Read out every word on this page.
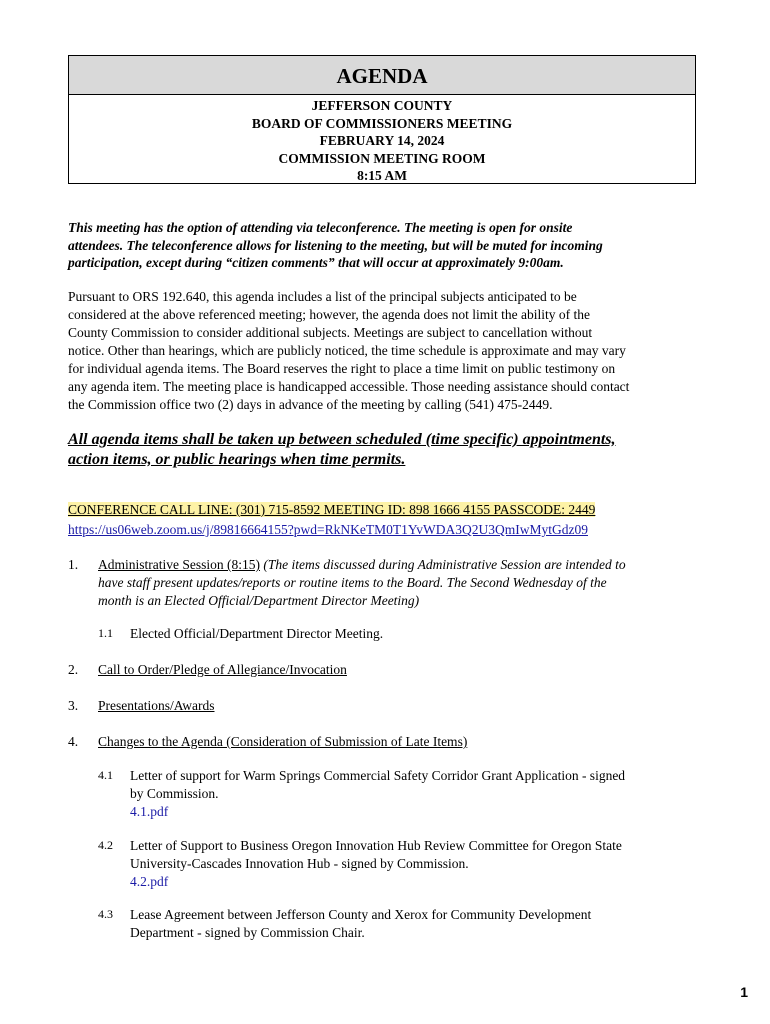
AGENDA
JEFFERSON COUNTY
BOARD OF COMMISSIONERS MEETING
FEBRUARY 14, 2024
COMMISSION MEETING ROOM
8:15 AM
This meeting has the option of attending via teleconference. The meeting is open for onsite
attendees. The teleconference allows for listening to the meeting, but will be muted for incoming
participation, except during “citizen comments” that will occur at approximately 9:00am.
Pursuant to ORS 192.640, this agenda includes a list of the principal subjects anticipated to be
considered at the above referenced meeting; however, the agenda does not limit the ability of the
County Commission to consider additional subjects. Meetings are subject to cancellation without
notice. Other than hearings, which are publicly noticed, the time schedule is approximate and may vary
for individual agenda items. The Board reserves the right to place a time limit on public testimony on
any agenda item. The meeting place is handicapped accessible. Those needing assistance should contact
the Commission office two (2) days in advance of the meeting by calling (541) 475-2449.
All agenda items shall be taken up between scheduled (time specific) appointments,
action items, or public hearings when time permits.
CONFERENCE CALL LINE: (301) 715-8592 MEETING ID: 898 1666 4155 PASSCODE: 2449
https://us06web.zoom.us/j/89816664155?pwd=RkNKeTM0T1YvWDA3Q2U3QmIwMytGdz09
1. Administrative Session (8:15) (The items discussed during Administrative Session are intended to
have staff present updates/reports or routine items to the Board. The Second Wednesday of the
month is an Elected Official/Department Director Meeting)
1.1 Elected Official/Department Director Meeting.
2. Call to Order/Pledge of Allegiance/Invocation
3. Presentations/Awards
4. Changes to the Agenda (Consideration of Submission of Late Items)
4.1 Letter of support for Warm Springs Commercial Safety Corridor Grant Application - signed
by Commission.
4.1.pdf
4.2 Letter of Support to Business Oregon Innovation Hub Review Committee for Oregon State
University-Cascades Innovation Hub - signed by Commission.
4.2.pdf
4.3 Lease Agreement between Jefferson County and Xerox for Community Development
Department - signed by Commission Chair.
1
